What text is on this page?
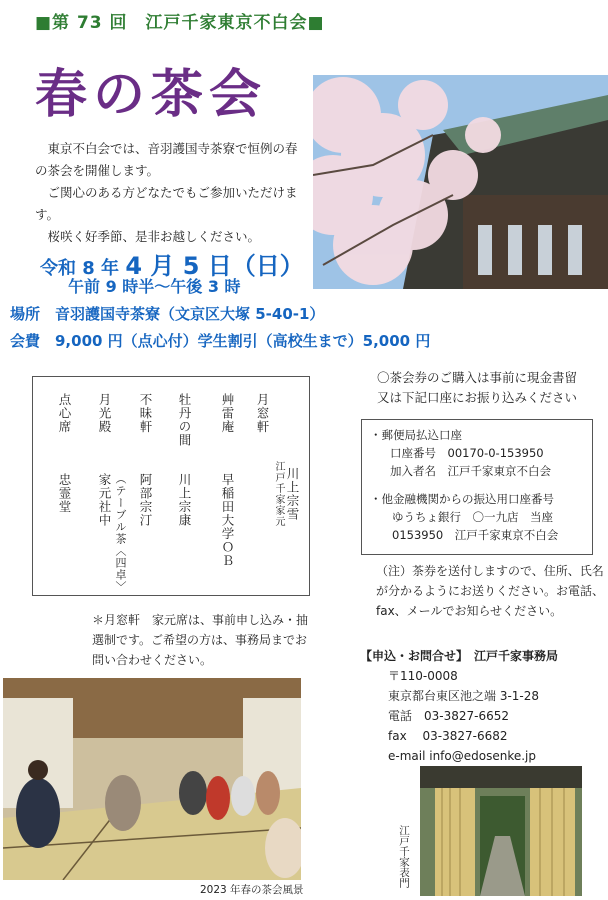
■第 73 回　江戸千家東京不白会■
春の茶会

東京不白会では、音羽護国寺茶寮で恒例の春の茶会を開催します。

ご関心のある方どなたでもご参加いただけます。

桜咲く好季節、是非お越しください。

令和 8 年 4 月 5 日（日）
午前 9 時半〜午後 3 時
場所　音羽護国寺茶寮（文京区大塚 5-40-1）
会費　9,000 円（点心付）学生割引（高校生まで）5,000 円
月窓軒
江戸千家家元 川上宗雪
艸雷庵
早稲田大学ＯＢ
牡丹の間
川上宗康
不昧軒
阿部宗汀
月光殿
家元社中 （テーブル茶〈四卓〉
点心席
忠霊堂
＊月窓軒　家元席は、事前申し込み・抽選制です。ご希望の方は、事務局までお問い合わせください。
〇茶会券のご購入は事前に現金書留
又は下記口座にお振り込みください
・郵便局払込口座
口座番号　00170-0-153950
加入者名　江戸千家東京不白会
・他金融機関からの振込用口座番号
ゆうちょ銀行　〇一九店　当座
0153950　江戸千家東京不白会
（注）茶券を送付しますので、住所、氏名が分かるようにお送りください。お電話、fax、メールでお知らせください。
【申込・お問合せ】　江戸千家事務局
〒110-0008
東京都台東区池之端 3-1-28
電話　03-3827-6652
fax　 03-3827-6682
e-mail info@edosenke.jp
2023 年春の茶会風景
江戸千家表門
